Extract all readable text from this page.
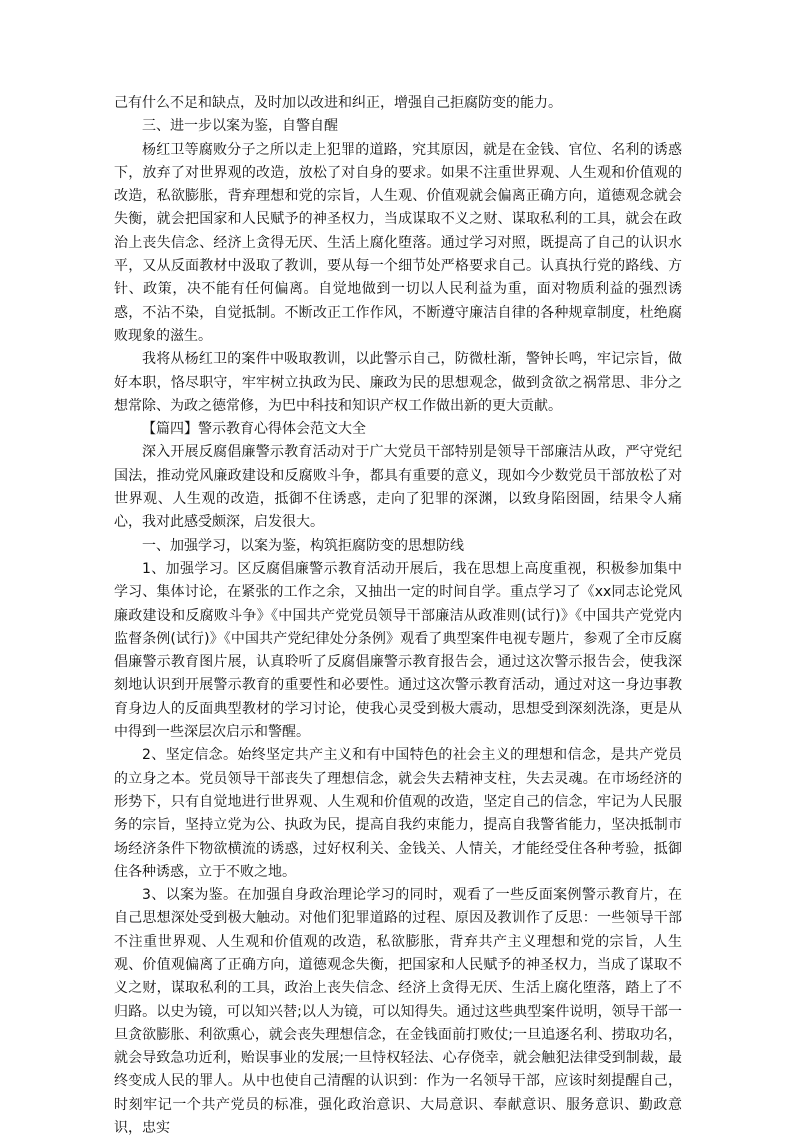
己有什么不足和缺点，及时加以改进和纠正，增强自己拒腐防变的能力。

三、进一步以案为鉴，自警自醒

杨红卫等腐败分子之所以走上犯罪的道路，究其原因，就是在金钱、官位、名利的诱惑下，放弃了对世界观的改造，放松了对自身的要求。如果不注重世界观、人生观和价值观的改造，私欲膨胀，背弃理想和党的宗旨，人生观、价值观就会偏离正确方向，道德观念就会失衡，就会把国家和人民赋予的神圣权力，当成谋取不义之财、谋取私利的工具，就会在政治上丧失信念、经济上贪得无厌、生活上腐化堕落。通过学习对照，既提高了自己的认识水平，又从反面教材中汲取了教训，要从每一个细节处严格要求自己。认真执行党的路线、方针、政策，决不能有任何偏离。自觉地做到一切以人民利益为重，面对物质利益的强烈诱惑，不沾不染，自觉抵制。不断改正工作作风，不断遵守廉洁自律的各种规章制度，杜绝腐败现象的滋生。

我将从杨红卫的案件中吸取教训，以此警示自己，防微杜渐，警钟长鸣，牢记宗旨，做好本职，恪尽职守，牢牢树立执政为民、廉政为民的思想观念，做到贪欲之祸常思、非分之想常除、为政之德常修，为巴中科技和知识产权工作做出新的更大贡献。

【篇四】警示教育心得体会范文大全

深入开展反腐倡廉警示教育活动对于广大党员干部特别是领导干部廉洁从政，严守党纪国法，推动党风廉政建设和反腐败斗争，都具有重要的意义，现如今少数党员干部放松了对世界观、人生观的改造，抵御不住诱惑，走向了犯罪的深渊，以致身陷囹圄，结果令人痛心，我对此感受颇深，启发很大。

一、加强学习，以案为鉴，构筑拒腐防变的思想防线

1、加强学习。区反腐倡廉警示教育活动开展后，我在思想上高度重视，积极参加集中学习、集体讨论，在紧张的工作之余，又抽出一定的时间自学。重点学习了《xx同志论党风廉政建设和反腐败斗争》《中国共产党党员领导干部廉洁从政准则(试行)》《中国共产党党内监督条例(试行)》《中国共产党纪律处分条例》观看了典型案件电视专题片，参观了全市反腐倡廉警示教育图片展，认真聆听了反腐倡廉警示教育报告会，通过这次警示报告会，使我深刻地认识到开展警示教育的重要性和必要性。通过这次警示教育活动，通过对这一身边事教育身边人的反面典型教材的学习讨论，使我心灵受到极大震动，思想受到深刻洗涤，更是从中得到一些深层次启示和警醒。

2、坚定信念。始终坚定共产主义和有中国特色的社会主义的理想和信念，是共产党员的立身之本。党员领导干部丧失了理想信念，就会失去精神支柱，失去灵魂。在市场经济的形势下，只有自觉地进行世界观、人生观和价值观的改造，坚定自己的信念，牢记为人民服务的宗旨，坚持立党为公、执政为民，提高自我约束能力，提高自我警省能力，坚决抵制市场经济条件下物欲横流的诱惑，过好权利关、金钱关、人情关，才能经受住各种考验，抵御住各种诱惑，立于不败之地。

3、以案为鉴。在加强自身政治理论学习的同时，观看了一些反面案例警示教育片，在自己思想深处受到极大触动。对他们犯罪道路的过程、原因及教训作了反思：一些领导干部不注重世界观、人生观和价值观的改造，私欲膨胀，背弃共产主义理想和党的宗旨，人生观、价值观偏离了正确方向，道德观念失衡，把国家和人民赋予的神圣权力，当成了谋取不义之财，谋取私利的工具，政治上丧失信念、经济上贪得无厌、生活上腐化堕落，踏上了不归路。以史为镜，可以知兴替;以人为镜，可以知得失。通过这些典型案件说明，领导干部一旦贪欲膨胀、利欲熏心，就会丧失理想信念，在金钱面前打败仗;一旦追逐名利、捞取功名，就会导致急功近利，贻误事业的发展;一旦恃权轻法、心存侥幸，就会触犯法律受到制裁，最终变成人民的罪人。从中也使自己清醒的认识到：作为一名领导干部，应该时刻提醒自己，时刻牢记一个共产党员的标准，强化政治意识、大局意识、奉献意识、服务意识、勤政意识，忠实
